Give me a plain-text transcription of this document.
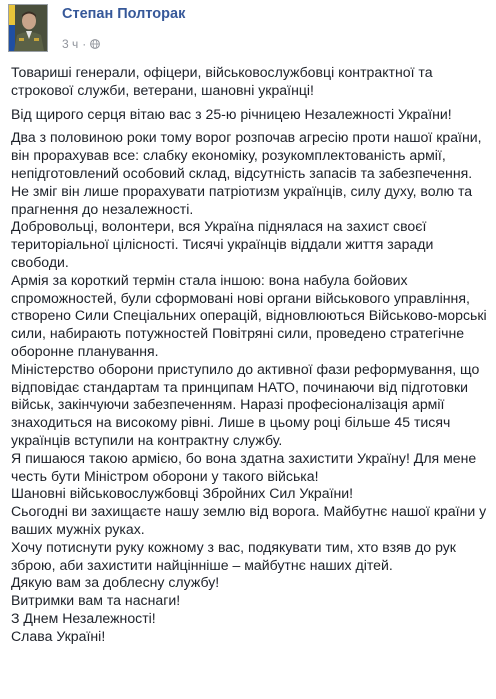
Степан Полторак
3 ч ·
Товариші генерали, офіцери, військовослужбовці контрактної та
строкової служби, ветерани, шановні українці!
Від щирого серця вітаю вас з 25-ю річницею Незалежності України!
Два з половиною роки тому ворог розпочав агресію проти нашої країни,
він прорахував все: слабку економіку, розукомплектованість армії,
непідготовлений особовий склад, відсутність запасів та забезпечення.
Не зміг він лише прорахувати патріотизм українців, силу духу, волю та
прагнення до незалежності.
Добровольці, волонтери, вся Україна піднялася на захист своєї
територіальної цілісності. Тисячі українців віддали життя заради
свободи.
Армія за короткий термін стала іншою: вона набула бойових
спроможностей, були сформовані нові органи військового управління,
створено Сили Спеціальних операцій, відновлюються Військово-морські
сили, набирають потужностей Повітряні сили, проведено стратегічне
оборонне планування.
Міністерство оборони приступило до активної фази реформування, що
відповідає стандартам та принципам НАТО, починаючи від підготовки
військ, закінчуючи забезпеченням. Наразі професіоналізація армії
знаходиться на високому рівні. Лише в цьому році більше 45 тисяч
українців вступили на контрактну службу.
Я пишаюся такою армією, бо вона здатна захистити Україну! Для мене
честь бути Міністром оборони у такого війська!
Шановні військовослужбовці Збройних Сил України!
Сьогодні ви захищаєте нашу землю від ворога. Майбутнє нашої країни у
ваших мужніх руках.
Хочу потиснути руку кожному з вас, подякувати тим, хто взяв до рук
зброю, аби захистити найцінніше – майбутнє наших дітей.
Дякую вам за доблесну службу!
Витримки вам та наснаги!
З Днем Незалежності!
Слава Україні!
